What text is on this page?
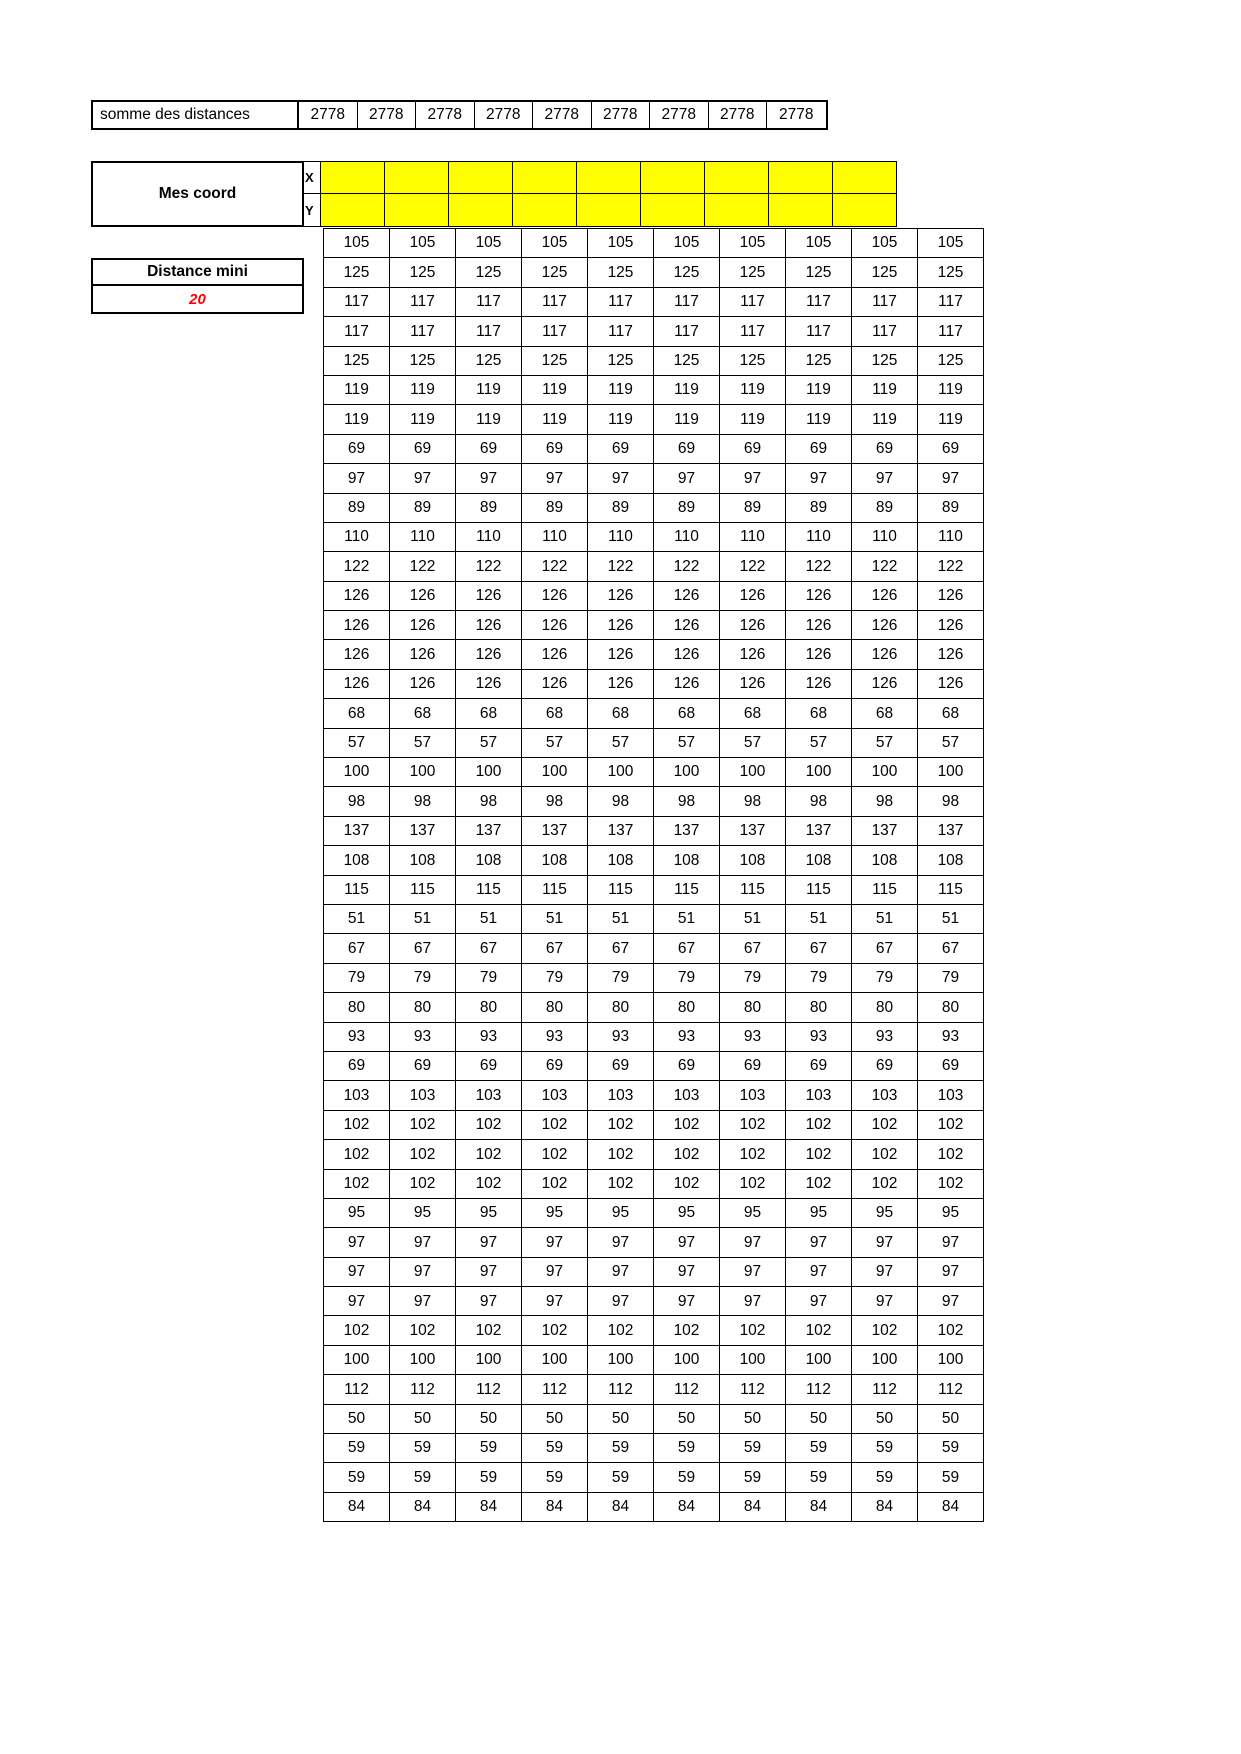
somme des distances	2778	2778	2778	2778	2778	2778	2778	2778	2778
Mes coord
X
Y
Distance mini
20
105	105	105	105	105	105	105	105	105	105
125	125	125	125	125	125	125	125	125	125
117	117	117	117	117	117	117	117	117	117
117	117	117	117	117	117	117	117	117	117
125	125	125	125	125	125	125	125	125	125
119	119	119	119	119	119	119	119	119	119
119	119	119	119	119	119	119	119	119	119
69	69	69	69	69	69	69	69	69	69
97	97	97	97	97	97	97	97	97	97
89	89	89	89	89	89	89	89	89	89
110	110	110	110	110	110	110	110	110	110
122	122	122	122	122	122	122	122	122	122
126	126	126	126	126	126	126	126	126	126
126	126	126	126	126	126	126	126	126	126
126	126	126	126	126	126	126	126	126	126
126	126	126	126	126	126	126	126	126	126
68	68	68	68	68	68	68	68	68	68
57	57	57	57	57	57	57	57	57	57
100	100	100	100	100	100	100	100	100	100
98	98	98	98	98	98	98	98	98	98
137	137	137	137	137	137	137	137	137	137
108	108	108	108	108	108	108	108	108	108
115	115	115	115	115	115	115	115	115	115
51	51	51	51	51	51	51	51	51	51
67	67	67	67	67	67	67	67	67	67
79	79	79	79	79	79	79	79	79	79
80	80	80	80	80	80	80	80	80	80
93	93	93	93	93	93	93	93	93	93
69	69	69	69	69	69	69	69	69	69
103	103	103	103	103	103	103	103	103	103
102	102	102	102	102	102	102	102	102	102
102	102	102	102	102	102	102	102	102	102
102	102	102	102	102	102	102	102	102	102
95	95	95	95	95	95	95	95	95	95
97	97	97	97	97	97	97	97	97	97
97	97	97	97	97	97	97	97	97	97
97	97	97	97	97	97	97	97	97	97
102	102	102	102	102	102	102	102	102	102
100	100	100	100	100	100	100	100	100	100
112	112	112	112	112	112	112	112	112	112
50	50	50	50	50	50	50	50	50	50
59	59	59	59	59	59	59	59	59	59
59	59	59	59	59	59	59	59	59	59
84	84	84	84	84	84	84	84	84	84
